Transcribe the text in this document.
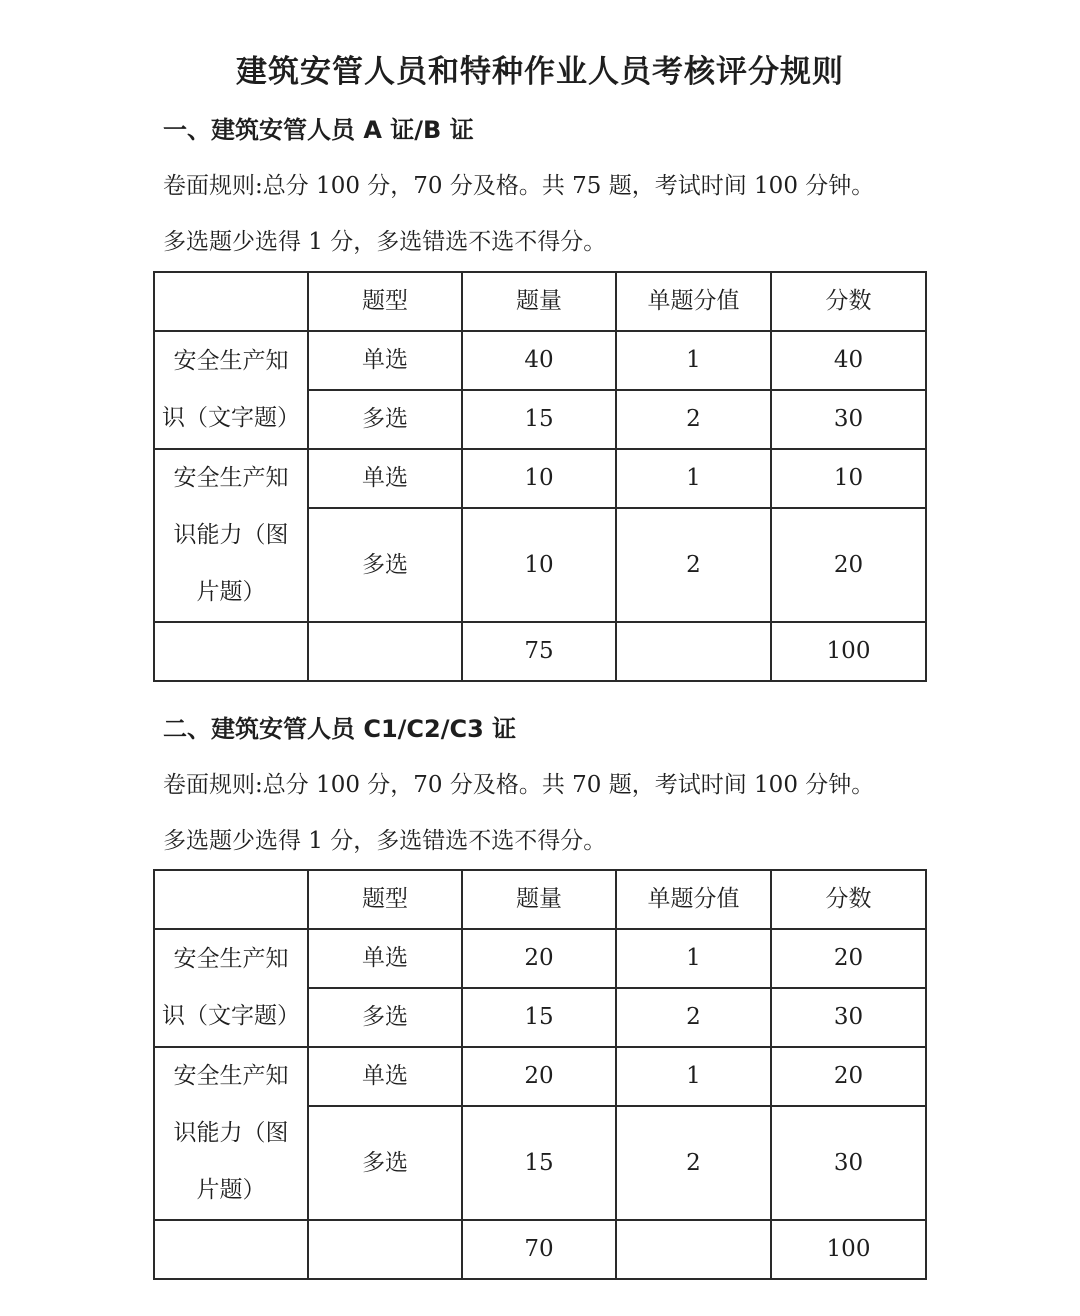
建筑安管人员和特种作业人员考核评分规则
一、建筑安管人员 A 证/B 证
卷面规则:总分 100 分，70 分及格。共 75 题，考试时间 100 分钟。
多选题少选得 1 分，多选错选不选不得分。
	题型	题量	单题分值	分数

安全生产知
识（文字题）	单选	40	1	40
	多选	15	2	30

安全生产知
识能力（图
片题）	单选	10	1	10
	多选	10	2	20
		75		100
二、建筑安管人员 C1/C2/C3 证
卷面规则:总分 100 分，70 分及格。共 70 题，考试时间 100 分钟。
多选题少选得 1 分，多选错选不选不得分。
	题型	题量	单题分值	分数

安全生产知
识（文字题）	单选	20	1	20
	多选	15	2	30

安全生产知
识能力（图
片题）	单选	20	1	20
	多选	15	2	30
		70		100
